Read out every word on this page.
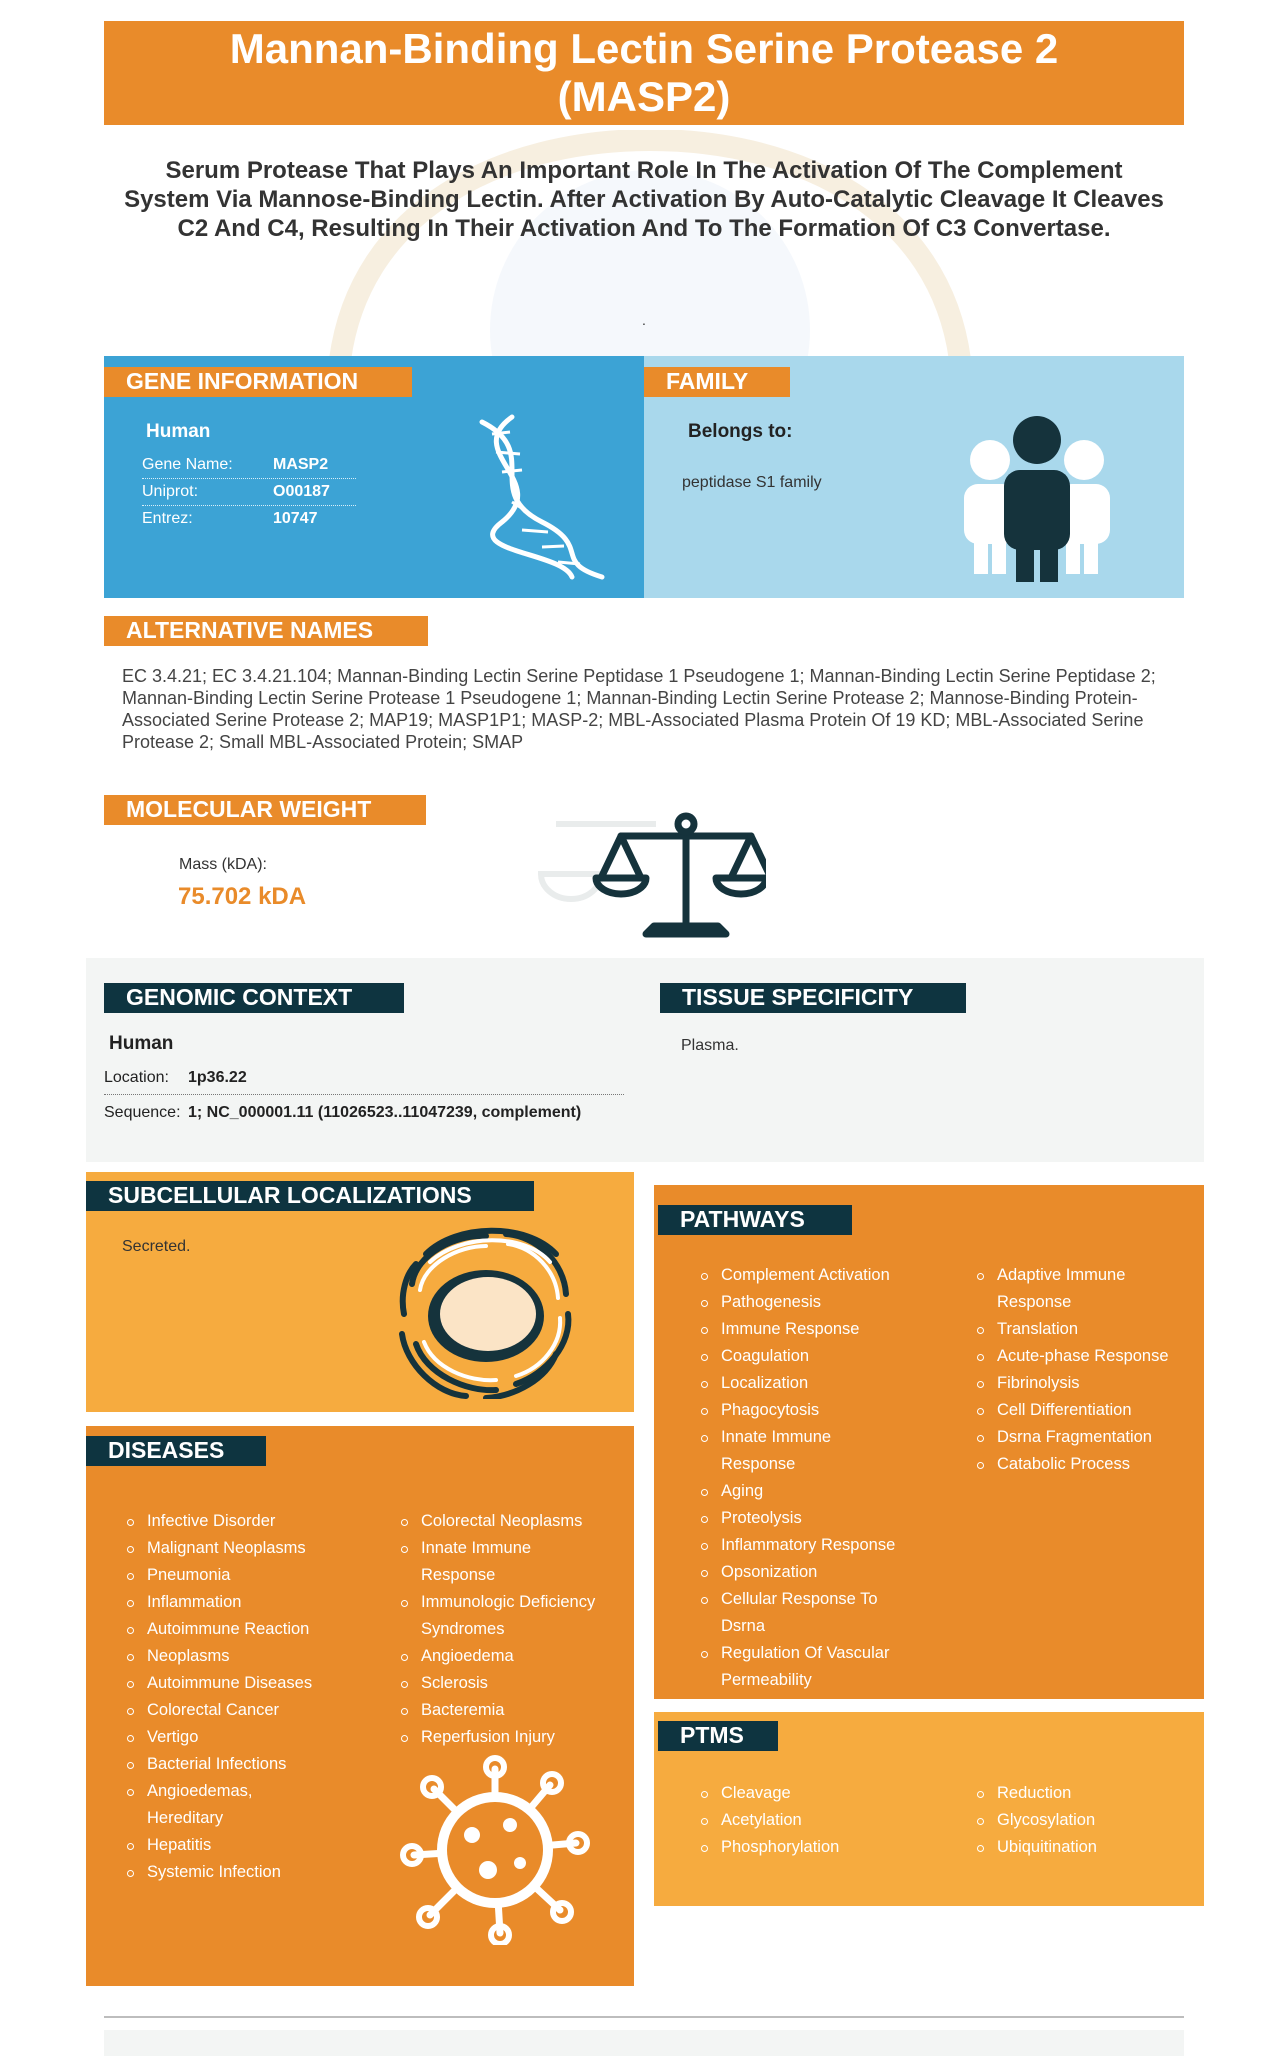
Mannan-Binding Lectin Serine Protease 2 (MASP2)
Serum Protease That Plays An Important Role In The Activation Of The Complement System Via Mannose-Binding Lectin. After Activation By Auto-Catalytic Cleavage It Cleaves C2 And C4, Resulting In Their Activation And To The Formation Of C3 Convertase.
.
GENE INFORMATION
Human
Gene Name:	MASP2
Uniprot:	O00187
Entrez:	10747
FAMILY
Belongs to:
peptidase S1 family
ALTERNATIVE NAMES
EC 3.4.21; EC 3.4.21.104; Mannan-Binding Lectin Serine Peptidase 1 Pseudogene 1; Mannan-Binding Lectin Serine Peptidase 2; Mannan-Binding Lectin Serine Protease 1 Pseudogene 1; Mannan-Binding Lectin Serine Protease 2; Mannose-Binding Protein-Associated Serine Protease 2; MAP19; MASP1P1; MASP-2; MBL-Associated Plasma Protein Of 19 KD; MBL-Associated Serine Protease 2; Small MBL-Associated Protein; SMAP
MOLECULAR WEIGHT
Mass (kDA):
75.702 kDA
GENOMIC CONTEXT
Human
Location: 1p36.22
Sequence: 1; NC_000001.11 (11026523..11047239, complement)
TISSUE SPECIFICITY
Plasma.
SUBCELLULAR LOCALIZATIONS
Secreted.
DISEASES
Infective Disorder
Malignant Neoplasms
Pneumonia
Inflammation
Autoimmune Reaction
Neoplasms
Autoimmune Diseases
Colorectal Cancer
Vertigo
Bacterial Infections
Angioedemas, Hereditary
Hepatitis
Systemic Infection
Colorectal Neoplasms
Innate Immune Response
Immunologic Deficiency Syndromes
Angioedema
Sclerosis
Bacteremia
Reperfusion Injury
PATHWAYS
Complement Activation
Pathogenesis
Immune Response
Coagulation
Localization
Phagocytosis
Innate Immune Response
Aging
Proteolysis
Inflammatory Response
Opsonization
Cellular Response To Dsrna
Regulation Of Vascular Permeability
Adaptive Immune Response
Translation
Acute-phase Response
Fibrinolysis
Cell Differentiation
Dsrna Fragmentation
Catabolic Process
PTMS
Cleavage
Acetylation
Phosphorylation
Reduction
Glycosylation
Ubiquitination
